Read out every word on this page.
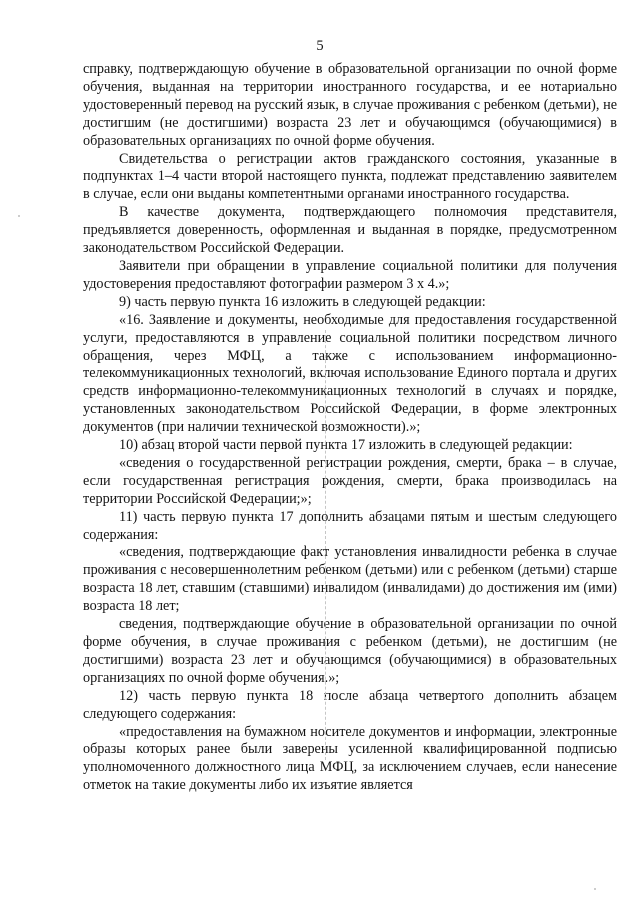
5

справку, подтверждающую обучение в образовательной организации по очной форме обучения, выданная на территории иностранного государства, и ее нотариально удостоверенный перевод на русский язык, в случае проживания с ребенком (детьми), не достигшим (не достигшими) возраста 23 лет и обучающимся (обучающимися) в образовательных организациях по очной форме обучения.

Свидетельства о регистрации актов гражданского состояния, указанные в подпунктах 1–4 части второй настоящего пункта, подлежат представлению заявителем в случае, если они выданы компетентными органами иностранного государства.

В качестве документа, подтверждающего полномочия представителя, предъявляется доверенность, оформленная и выданная в порядке, предусмотренном законодательством Российской Федерации.

Заявители при обращении в управление социальной политики для получения удостоверения предоставляют фотографии размером 3 х 4.»;

9) часть первую пункта 16 изложить в следующей редакции:

«16. Заявление и документы, необходимые для предоставления государственной услуги, предоставляются в управление социальной политики посредством личного обращения, через МФЦ, а также с использованием информационно-телекоммуникационных технологий, включая использование Единого портала и других средств информационно-телекоммуникационных технологий в случаях и порядке, установленных законодательством Российской Федерации, в форме электронных документов (при наличии технической возможности).»;

10) абзац второй части первой пункта 17 изложить в следующей редакции:

«сведения о государственной регистрации рождения, смерти, брака – в случае, если государственная регистрация рождения, смерти, брака производилась на территории Российской Федерации;»;

11) часть первую пункта 17 дополнить абзацами пятым и шестым следующего содержания:

«сведения, подтверждающие факт установления инвалидности ребенка в случае проживания с несовершеннолетним ребенком (детьми) или с ребенком (детьми) старше возраста 18 лет, ставшим (ставшими) инвалидом (инвалидами) до достижения им (ими) возраста 18 лет;

сведения, подтверждающие обучение в образовательной организации по очной форме обучения, в случае проживания с ребенком (детьми), не достигшим (не достигшими) возраста 23 лет и обучающимся (обучающимися) в образовательных организациях по очной форме обучения.»;

12) часть первую пункта 18 после абзаца четвертого дополнить абзацем следующего содержания:

«предоставления на бумажном носителе документов и информации, электронные образы которых ранее были заверены усиленной квалифицированной подписью уполномоченного должностного лица МФЦ, за исключением случаев, если нанесение отметок на такие документы либо их изъятие является
